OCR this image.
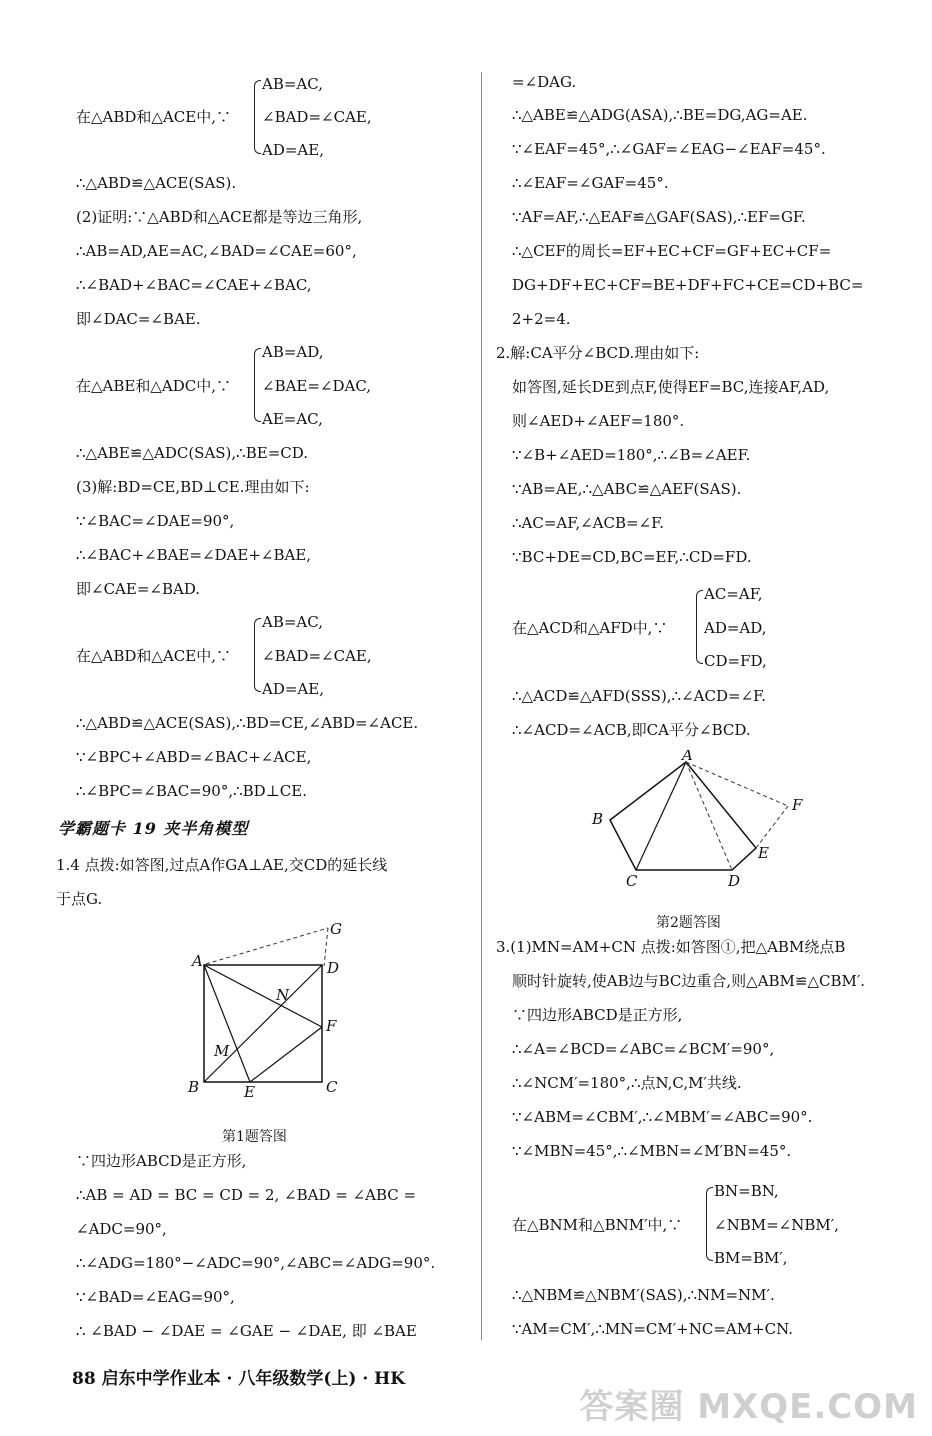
AB=AC,
在△ABD和△ACE中,∵ ∠BAD=∠CAE,
AD=AE,
∴△ABD≌△ACE(SAS).
(2)证明:∵△ABD和△ACE都是等边三角形,
∴AB=AD,AE=AC,∠BAD=∠CAE=60°,
∴∠BAD+∠BAC=∠CAE+∠BAC,
即∠DAC=∠BAE.
AB=AD,
在△ABE和△ADC中,∵ ∠BAE=∠DAC,
AE=AC,
∴△ABE≌△ADC(SAS),∴BE=CD.
(3)解:BD=CE,BD⊥CE.理由如下:
∵∠BAC=∠DAE=90°,
∴∠BAC+∠BAE=∠DAE+∠BAE,
即∠CAE=∠BAD.
AB=AC,
在△ABD和△ACE中,∵ ∠BAD=∠CAE,
AD=AE,
∴△ABD≌△ACE(SAS),∴BD=CE,∠ABD=∠ACE.
∵∠BPC+∠ABD=∠BAC+∠ACE,
∴∠BPC=∠BAC=90°,∴BD⊥CE.
学霸题卡 19 夹半角模型
1.4 点拨:如答图,过点A作GA⊥AE,交CD的延长线
于点G.
A
G
D
N
F
M
B	E	C
第1题答图
∵四边形ABCD是正方形,
∴AB = AD = BC = CD = 2, ∠BAD = ∠ABC =
∠ADC=90°,
∴∠ADG=180°−∠ADC=90°,∠ABC=∠ADG=90°.
∵∠BAD=∠EAG=90°,
∴ ∠BAD − ∠DAE = ∠GAE − ∠DAE, 即 ∠BAE
=∠DAG.
∴△ABE≌△ADG(ASA),∴BE=DG,AG=AE.
∵∠EAF=45°,∴∠GAF=∠EAG−∠EAF=45°.
∴∠EAF=∠GAF=45°.
∵AF=AF,∴△EAF≌△GAF(SAS),∴EF=GF.
∴△CEF的周长=EF+EC+CF=GF+EC+CF=
DG+DF+EC+CF=BE+DF+FC+CE=CD+BC=
2+2=4.
2.解:CA平分∠BCD.理由如下:
如答图,延长DE到点F,使得EF=BC,连接AF,AD,
则∠AED+∠AEF=180°.
∵∠B+∠AED=180°,∴∠B=∠AEF.
∵AB=AE,∴△ABC≌△AEF(SAS).
∴AC=AF,∠ACB=∠F.
∵BC+DE=CD,BC=EF,∴CD=FD.
AC=AF,
在△ACD和△AFD中,∵ AD=AD,
CD=FD,
∴△ACD≌△AFD(SSS),∴∠ACD=∠F.
∴∠ACD=∠ACB,即CA平分∠BCD.
A
F
B
E
C	D
第2题答图
3.(1)MN=AM+CN 点拨:如答图①,把△ABM绕点B
顺时针旋转,使AB边与BC边重合,则△ABM≌△CBM′.
∵四边形ABCD是正方形,
∴∠A=∠BCD=∠ABC=∠BCM′=90°,
∴∠NCM′=180°,∴点N,C,M′共线.
∵∠ABM=∠CBM′,∴∠MBM′=∠ABC=90°.
∵∠MBN=45°,∴∠MBN=∠M′BN=45°.
BN=BN,
在△BNM和△BNM′中,∵ ∠NBM=∠NBM′,
BM=BM′,
∴△NBM≌△NBM′(SAS),∴NM=NM′.
∵AM=CM′,∴MN=CM′+NC=AM+CN.
88 启东中学作业本 · 八年级数学(上) · HK
答案圈 MXQE.COM
